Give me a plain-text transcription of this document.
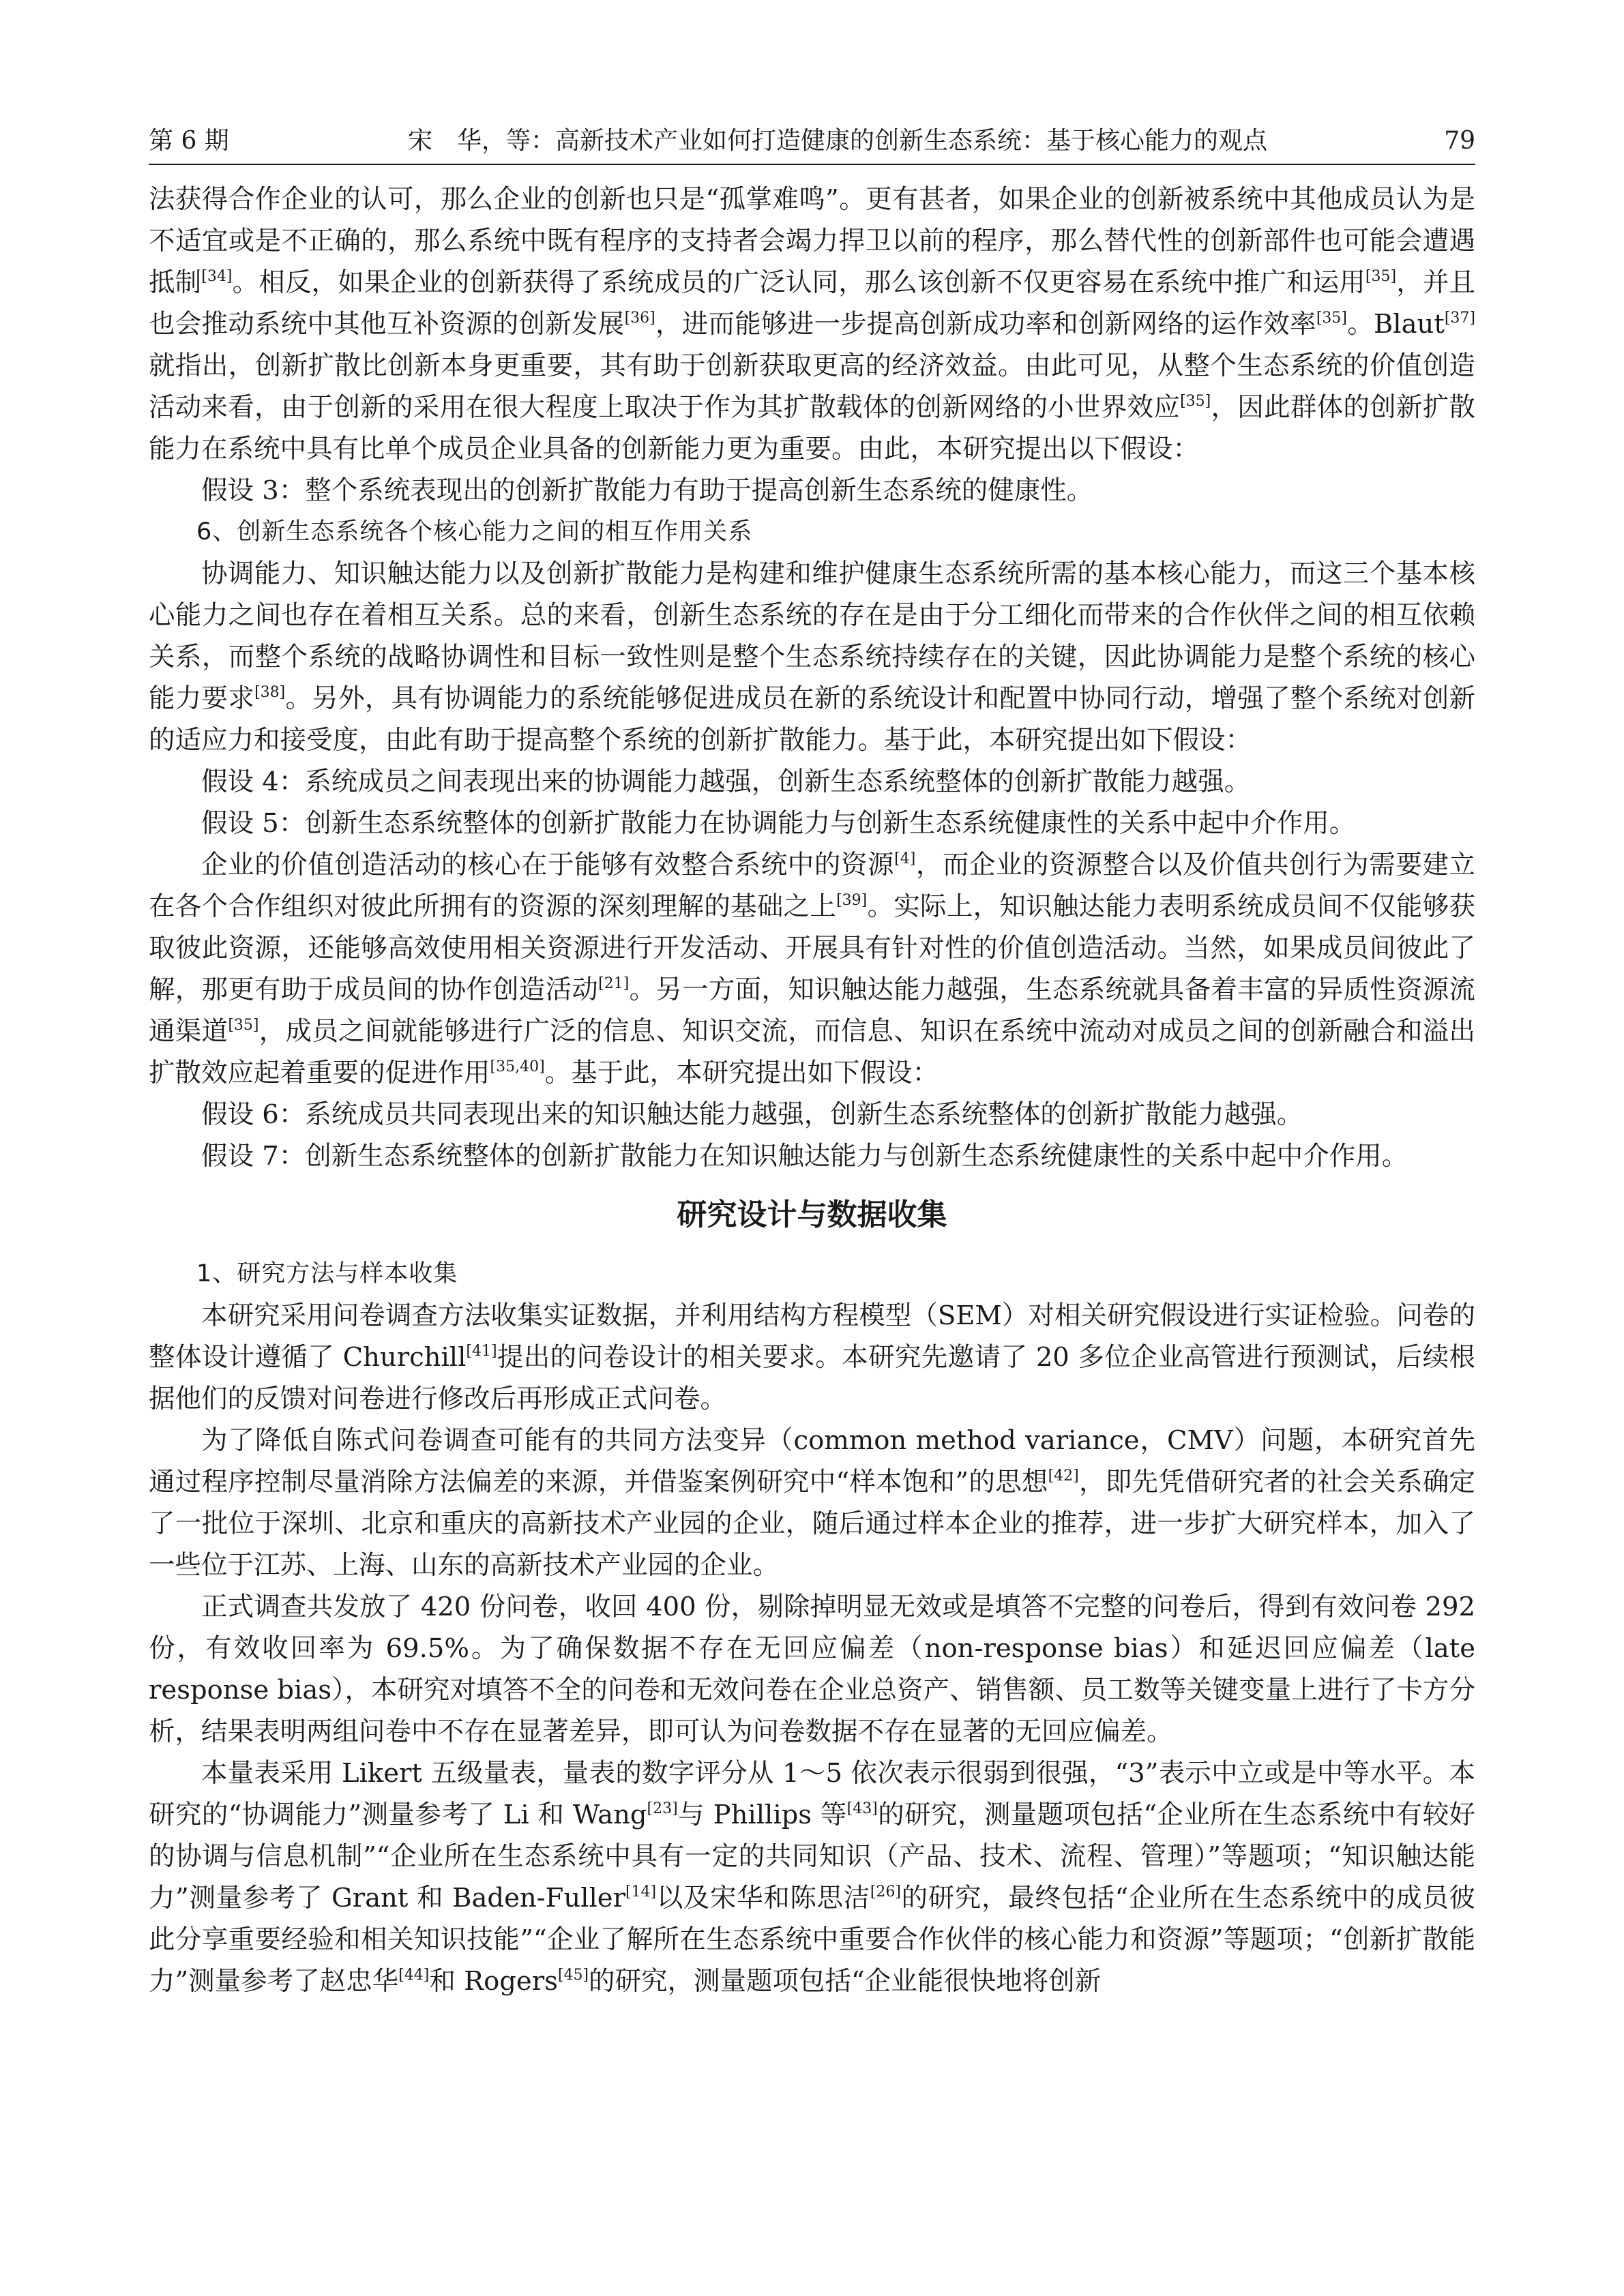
第 6 期	宋　华，等：高新技术产业如何打造健康的创新生态系统：基于核心能力的观点	79

法获得合作企业的认可，那么企业的创新也只是“孤掌难鸣”。更有甚者，如果企业的创新被系统中其他成员认为是不适宜或是不正确的，那么系统中既有程序的支持者会竭力捍卫以前的程序，那么替代性的创新部件也可能会遭遇抵制[34]。相反，如果企业的创新获得了系统成员的广泛认同，那么该创新不仅更容易在系统中推广和运用[35]，并且也会推动系统中其他互补资源的创新发展[36]，进而能够进一步提高创新成功率和创新网络的运作效率[35]。Blaut[37]就指出，创新扩散比创新本身更重要，其有助于创新获取更高的经济效益。由此可见，从整个生态系统的价值创造活动来看，由于创新的采用在很大程度上取决于作为其扩散载体的创新网络的小世界效应[35]，因此群体的创新扩散能力在系统中具有比单个成员企业具备的创新能力更为重要。由此，本研究提出以下假设：

假设 3：整个系统表现出的创新扩散能力有助于提高创新生态系统的健康性。

6、创新生态系统各个核心能力之间的相互作用关系

协调能力、知识触达能力以及创新扩散能力是构建和维护健康生态系统所需的基本核心能力，而这三个基本核心能力之间也存在着相互关系。总的来看，创新生态系统的存在是由于分工细化而带来的合作伙伴之间的相互依赖关系，而整个系统的战略协调性和目标一致性则是整个生态系统持续存在的关键，因此协调能力是整个系统的核心能力要求[38]。另外，具有协调能力的系统能够促进成员在新的系统设计和配置中协同行动，增强了整个系统对创新的适应力和接受度，由此有助于提高整个系统的创新扩散能力。基于此，本研究提出如下假设：

假设 4：系统成员之间表现出来的协调能力越强，创新生态系统整体的创新扩散能力越强。

假设 5：创新生态系统整体的创新扩散能力在协调能力与创新生态系统健康性的关系中起中介作用。

企业的价值创造活动的核心在于能够有效整合系统中的资源[4]，而企业的资源整合以及价值共创行为需要建立在各个合作组织对彼此所拥有的资源的深刻理解的基础之上[39]。实际上，知识触达能力表明系统成员间不仅能够获取彼此资源，还能够高效使用相关资源进行开发活动、开展具有针对性的价值创造活动。当然，如果成员间彼此了解，那更有助于成员间的协作创造活动[21]。另一方面，知识触达能力越强，生态系统就具备着丰富的异质性资源流通渠道[35]，成员之间就能够进行广泛的信息、知识交流，而信息、知识在系统中流动对成员之间的创新融合和溢出扩散效应起着重要的促进作用[35,40]。基于此，本研究提出如下假设：

假设 6：系统成员共同表现出来的知识触达能力越强，创新生态系统整体的创新扩散能力越强。

假设 7：创新生态系统整体的创新扩散能力在知识触达能力与创新生态系统健康性的关系中起中介作用。

研究设计与数据收集

1、研究方法与样本收集

本研究采用问卷调查方法收集实证数据，并利用结构方程模型（SEM）对相关研究假设进行实证检验。问卷的整体设计遵循了 Churchill[41]提出的问卷设计的相关要求。本研究先邀请了 20 多位企业高管进行预测试，后续根据他们的反馈对问卷进行修改后再形成正式问卷。

为了降低自陈式问卷调查可能有的共同方法变异（common method variance，CMV）问题，本研究首先通过程序控制尽量消除方法偏差的来源，并借鉴案例研究中“样本饱和”的思想[42]，即先凭借研究者的社会关系确定了一批位于深圳、北京和重庆的高新技术产业园的企业，随后通过样本企业的推荐，进一步扩大研究样本，加入了一些位于江苏、上海、山东的高新技术产业园的企业。

正式调查共发放了 420 份问卷，收回 400 份，剔除掉明显无效或是填答不完整的问卷后，得到有效问卷 292 份，有效收回率为 69.5%。为了确保数据不存在无回应偏差（non-response bias）和延迟回应偏差（late response bias），本研究对填答不全的问卷和无效问卷在企业总资产、销售额、员工数等关键变量上进行了卡方分析，结果表明两组问卷中不存在显著差异，即可认为问卷数据不存在显著的无回应偏差。

本量表采用 Likert 五级量表，量表的数字评分从 1～5 依次表示很弱到很强，“3”表示中立或是中等水平。本研究的“协调能力”测量参考了 Li 和 Wang[23]与 Phillips 等[43]的研究，测量题项包括“企业所在生态系统中有较好的协调与信息机制”“企业所在生态系统中具有一定的共同知识（产品、技术、流程、管理）”等题项；“知识触达能力”测量参考了 Grant 和 Baden-Fuller[14]以及宋华和陈思洁[26]的研究，最终包括“企业所在生态系统中的成员彼此分享重要经验和相关知识技能”“企业了解所在生态系统中重要合作伙伴的核心能力和资源”等题项；“创新扩散能力”测量参考了赵忠华[44]和 Rogers[45]的研究，测量题项包括“企业能很快地将创新
